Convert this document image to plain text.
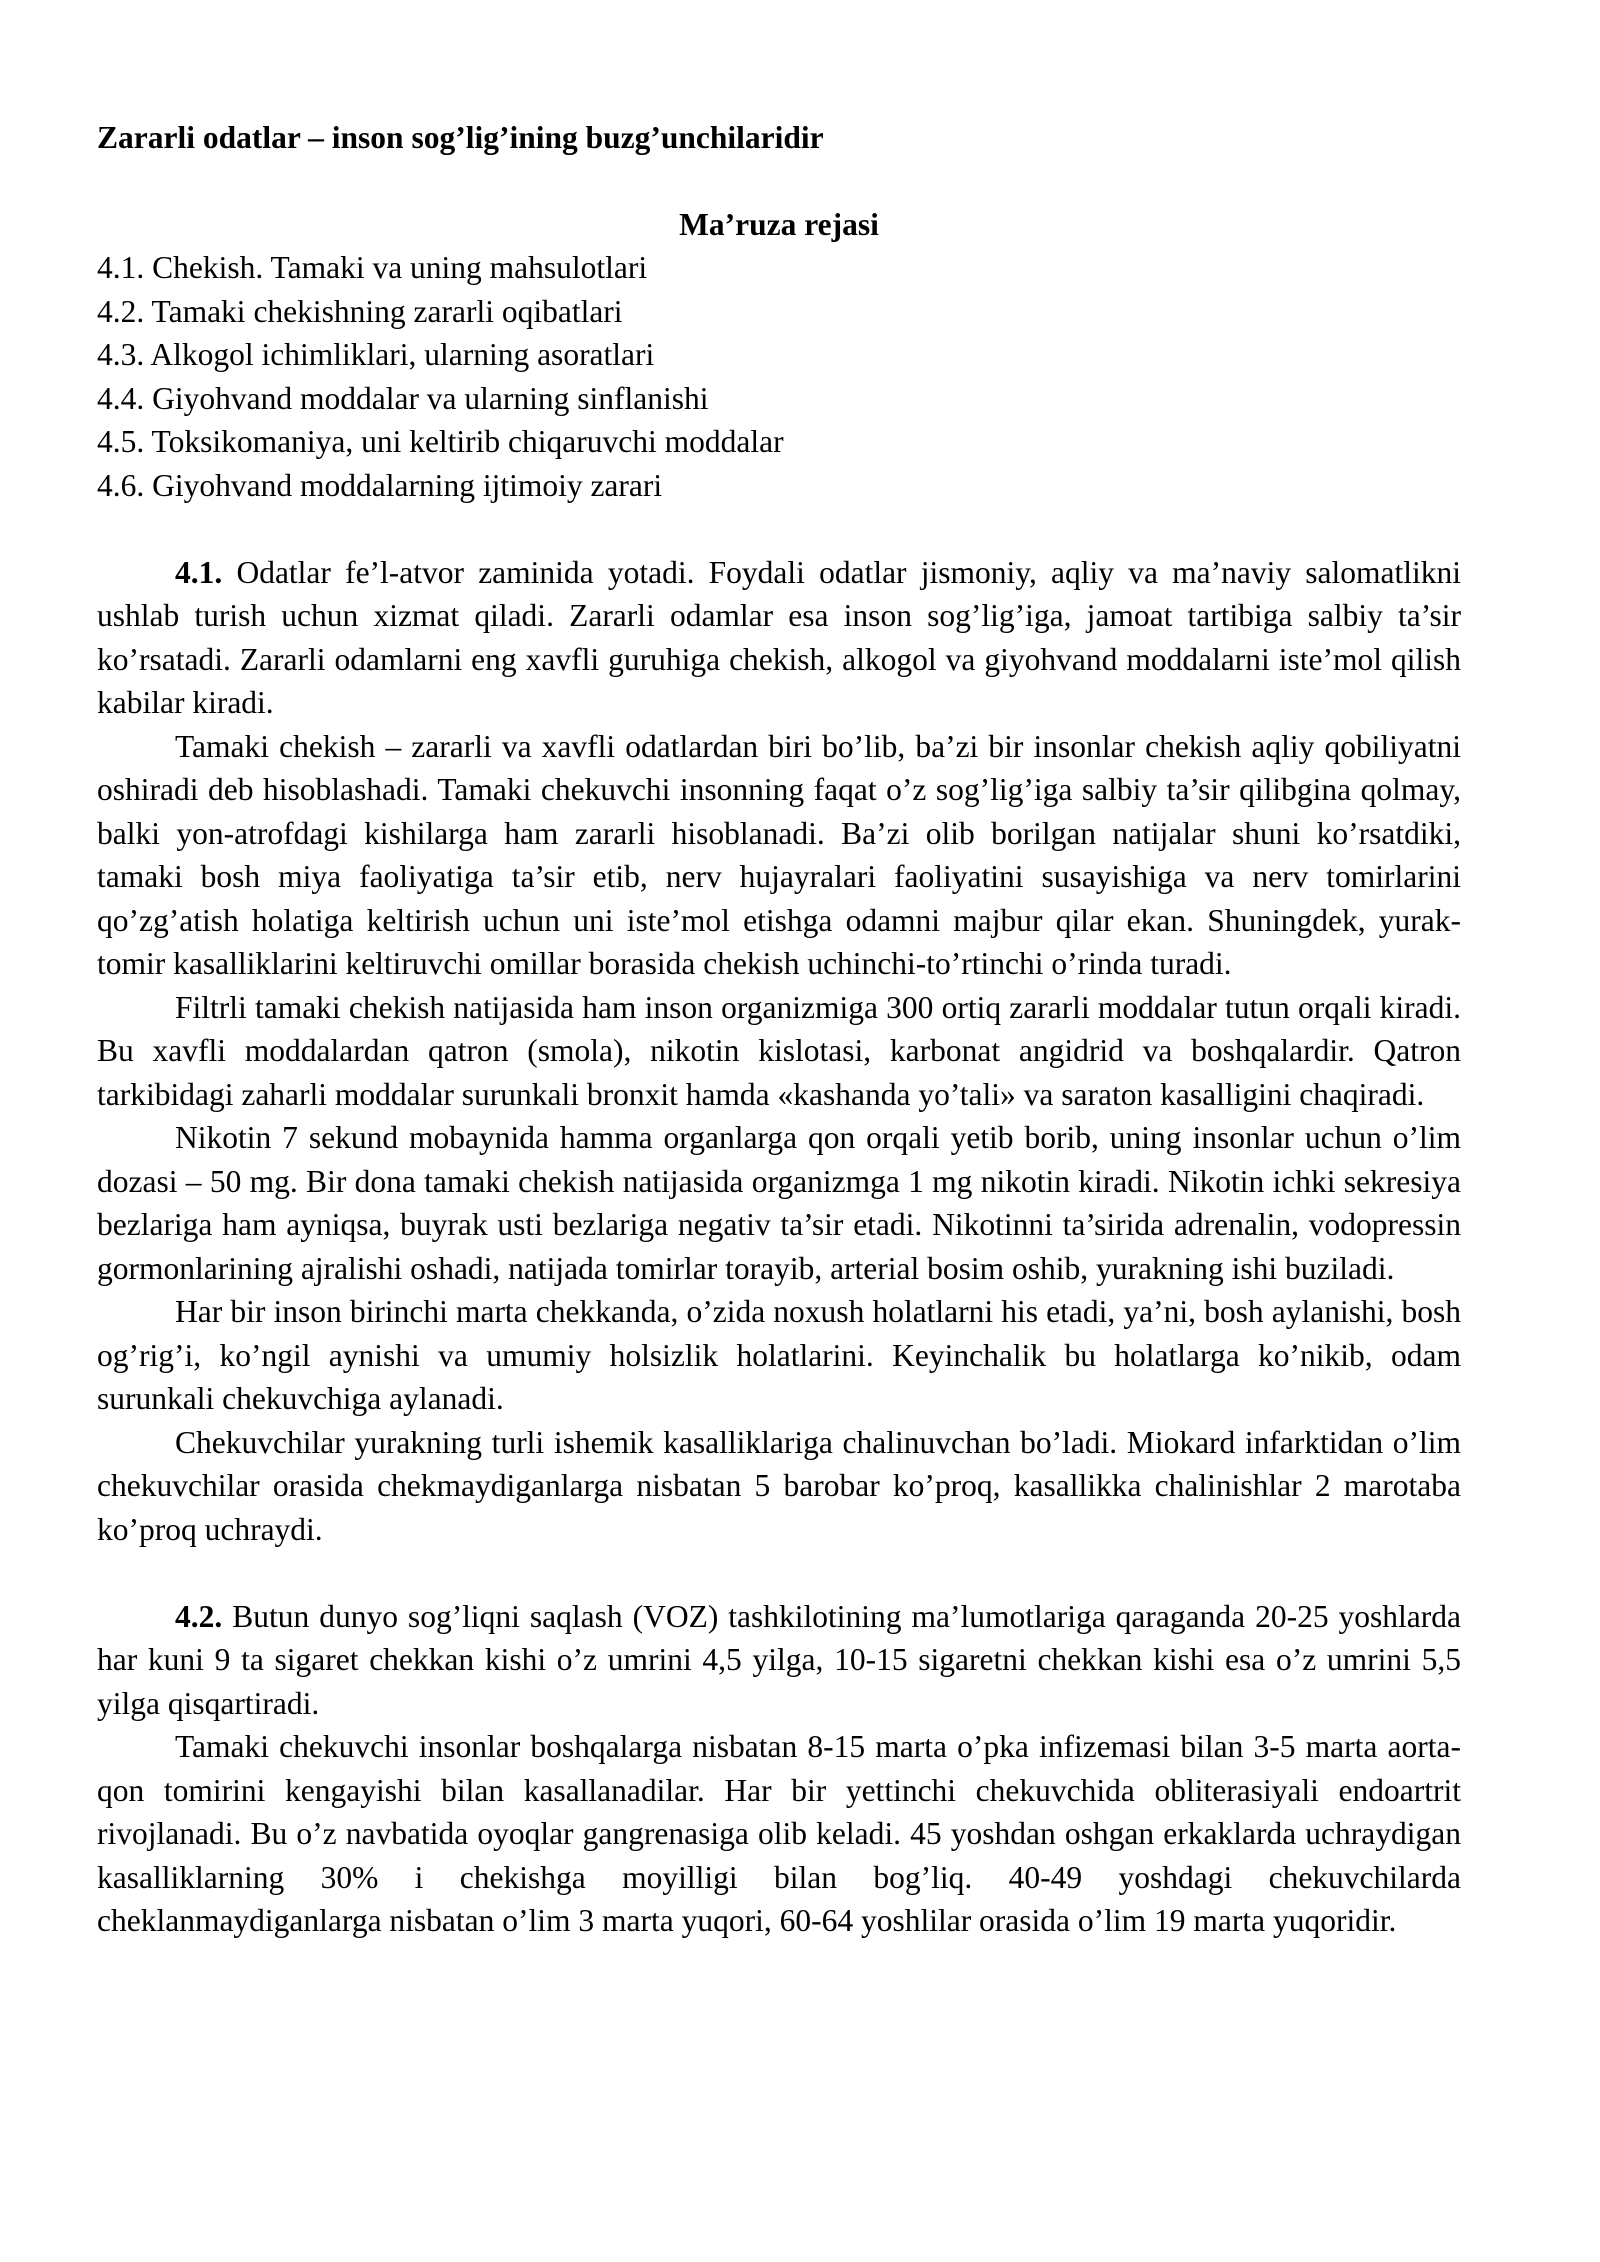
Zararli odatlar – inson sog’lig’ining buzg’unchilaridir

Ma’ruza rejasi

4.1. Chekish. Tamaki va uning mahsulotlari
4.2. Tamaki chekishning zararli oqibatlari
4.3. Alkogol ichimliklari, ularning asoratlari
4.4. Giyohvand moddalar va ularning sinflanishi
4.5. Toksikomaniya, uni keltirib chiqaruvchi moddalar
4.6. Giyohvand moddalarning ijtimoiy zarari

4.1. Odatlar fe’l-atvor zaminida yotadi. Foydali odatlar jismoniy, aqliy va ma’naviy salomatlikni ushlab turish uchun xizmat qiladi. Zararli odamlar esa inson sog’lig’iga, jamoat tartibiga salbiy ta’sir ko’rsatadi. Zararli odamlarni eng xavfli guruhiga chekish, alkogol va giyohvand moddalarni iste’mol qilish kabilar kiradi.

Tamaki chekish – zararli va xavfli odatlardan biri bo’lib, ba’zi bir insonlar chekish aqliy qobiliyatni oshiradi deb hisoblashadi. Tamaki chekuvchi insonning faqat o’z sog’lig’iga salbiy ta’sir qilibgina qolmay, balki yon-atrofdagi kishilarga ham zararli hisoblanadi. Ba’zi olib borilgan natijalar shuni ko’rsatdiki, tamaki bosh miya faoliyatiga ta’sir etib, nerv hujayralari faoliyatini susayishiga va nerv tomirlarini qo’zg’atish holatiga keltirish uchun uni iste’mol etishga odamni majbur qilar ekan. Shuningdek, yurak-tomir kasalliklarini keltiruvchi omillar borasida chekish uchinchi-to’rtinchi o’rinda turadi.

Filtrli tamaki chekish natijasida ham inson organizmiga 300 ortiq zararli moddalar tutun orqali kiradi. Bu xavfli moddalardan qatron (smola), nikotin kislotasi, karbonat angidrid va boshqalardir. Qatron tarkibidagi zaharli moddalar surunkali bronxit hamda «kashanda yo’tali» va saraton kasalligini chaqiradi.

Nikotin 7 sekund mobaynida hamma organlarga qon orqali yetib borib, uning insonlar uchun o’lim dozasi – 50 mg. Bir dona tamaki chekish natijasida organizmga 1 mg nikotin kiradi. Nikotin ichki sekresiya bezlariga ham ayniqsa, buyrak usti bezlariga negativ ta’sir etadi. Nikotinni ta’sirida adrenalin, vodopressin gormonlarining ajralishi oshadi, natijada tomirlar torayib, arterial bosim oshib, yurakning ishi buziladi.

Har bir inson birinchi marta chekkanda, o’zida noxush holatlarni his etadi, ya’ni, bosh aylanishi, bosh og’rig’i, ko’ngil aynishi va umumiy holsizlik holatlarini. Keyinchalik bu holatlarga ko’nikib, odam surunkali chekuvchiga aylanadi.

Chekuvchilar yurakning turli ishemik kasalliklariga chalinuvchan bo’ladi. Miokard infarktidan o’lim chekuvchilar orasida chekmaydiganlarga nisbatan 5 barobar ko’proq, kasallikka chalinishlar 2 marotaba ko’proq uchraydi.

4.2. Butun dunyo sog’liqni saqlash (VOZ) tashkilotining ma’lumotlariga qaraganda 20-25 yoshlarda har kuni 9 ta sigaret chekkan kishi o’z umrini 4,5 yilga, 10-15 sigaretni chekkan kishi esa o’z umrini 5,5 yilga qisqartiradi.

Tamaki chekuvchi insonlar boshqalarga nisbatan 8-15 marta o’pka infizemasi bilan 3-5 marta aorta-qon tomirini kengayishi bilan kasallanadilar. Har bir yettinchi chekuvchida obliterasiyali endoartrit rivojlanadi. Bu o’z navbatida oyoqlar gangrenasiga olib keladi. 45 yoshdan oshgan erkaklarda uchraydigan kasalliklarning 30% i chekishga moyilligi bilan bog’liq. 40-49 yoshdagi chekuvchilarda cheklanmaydiganlarga nisbatan o’lim 3 marta yuqori, 60-64 yoshlilar orasida o’lim 19 marta yuqoridir.
